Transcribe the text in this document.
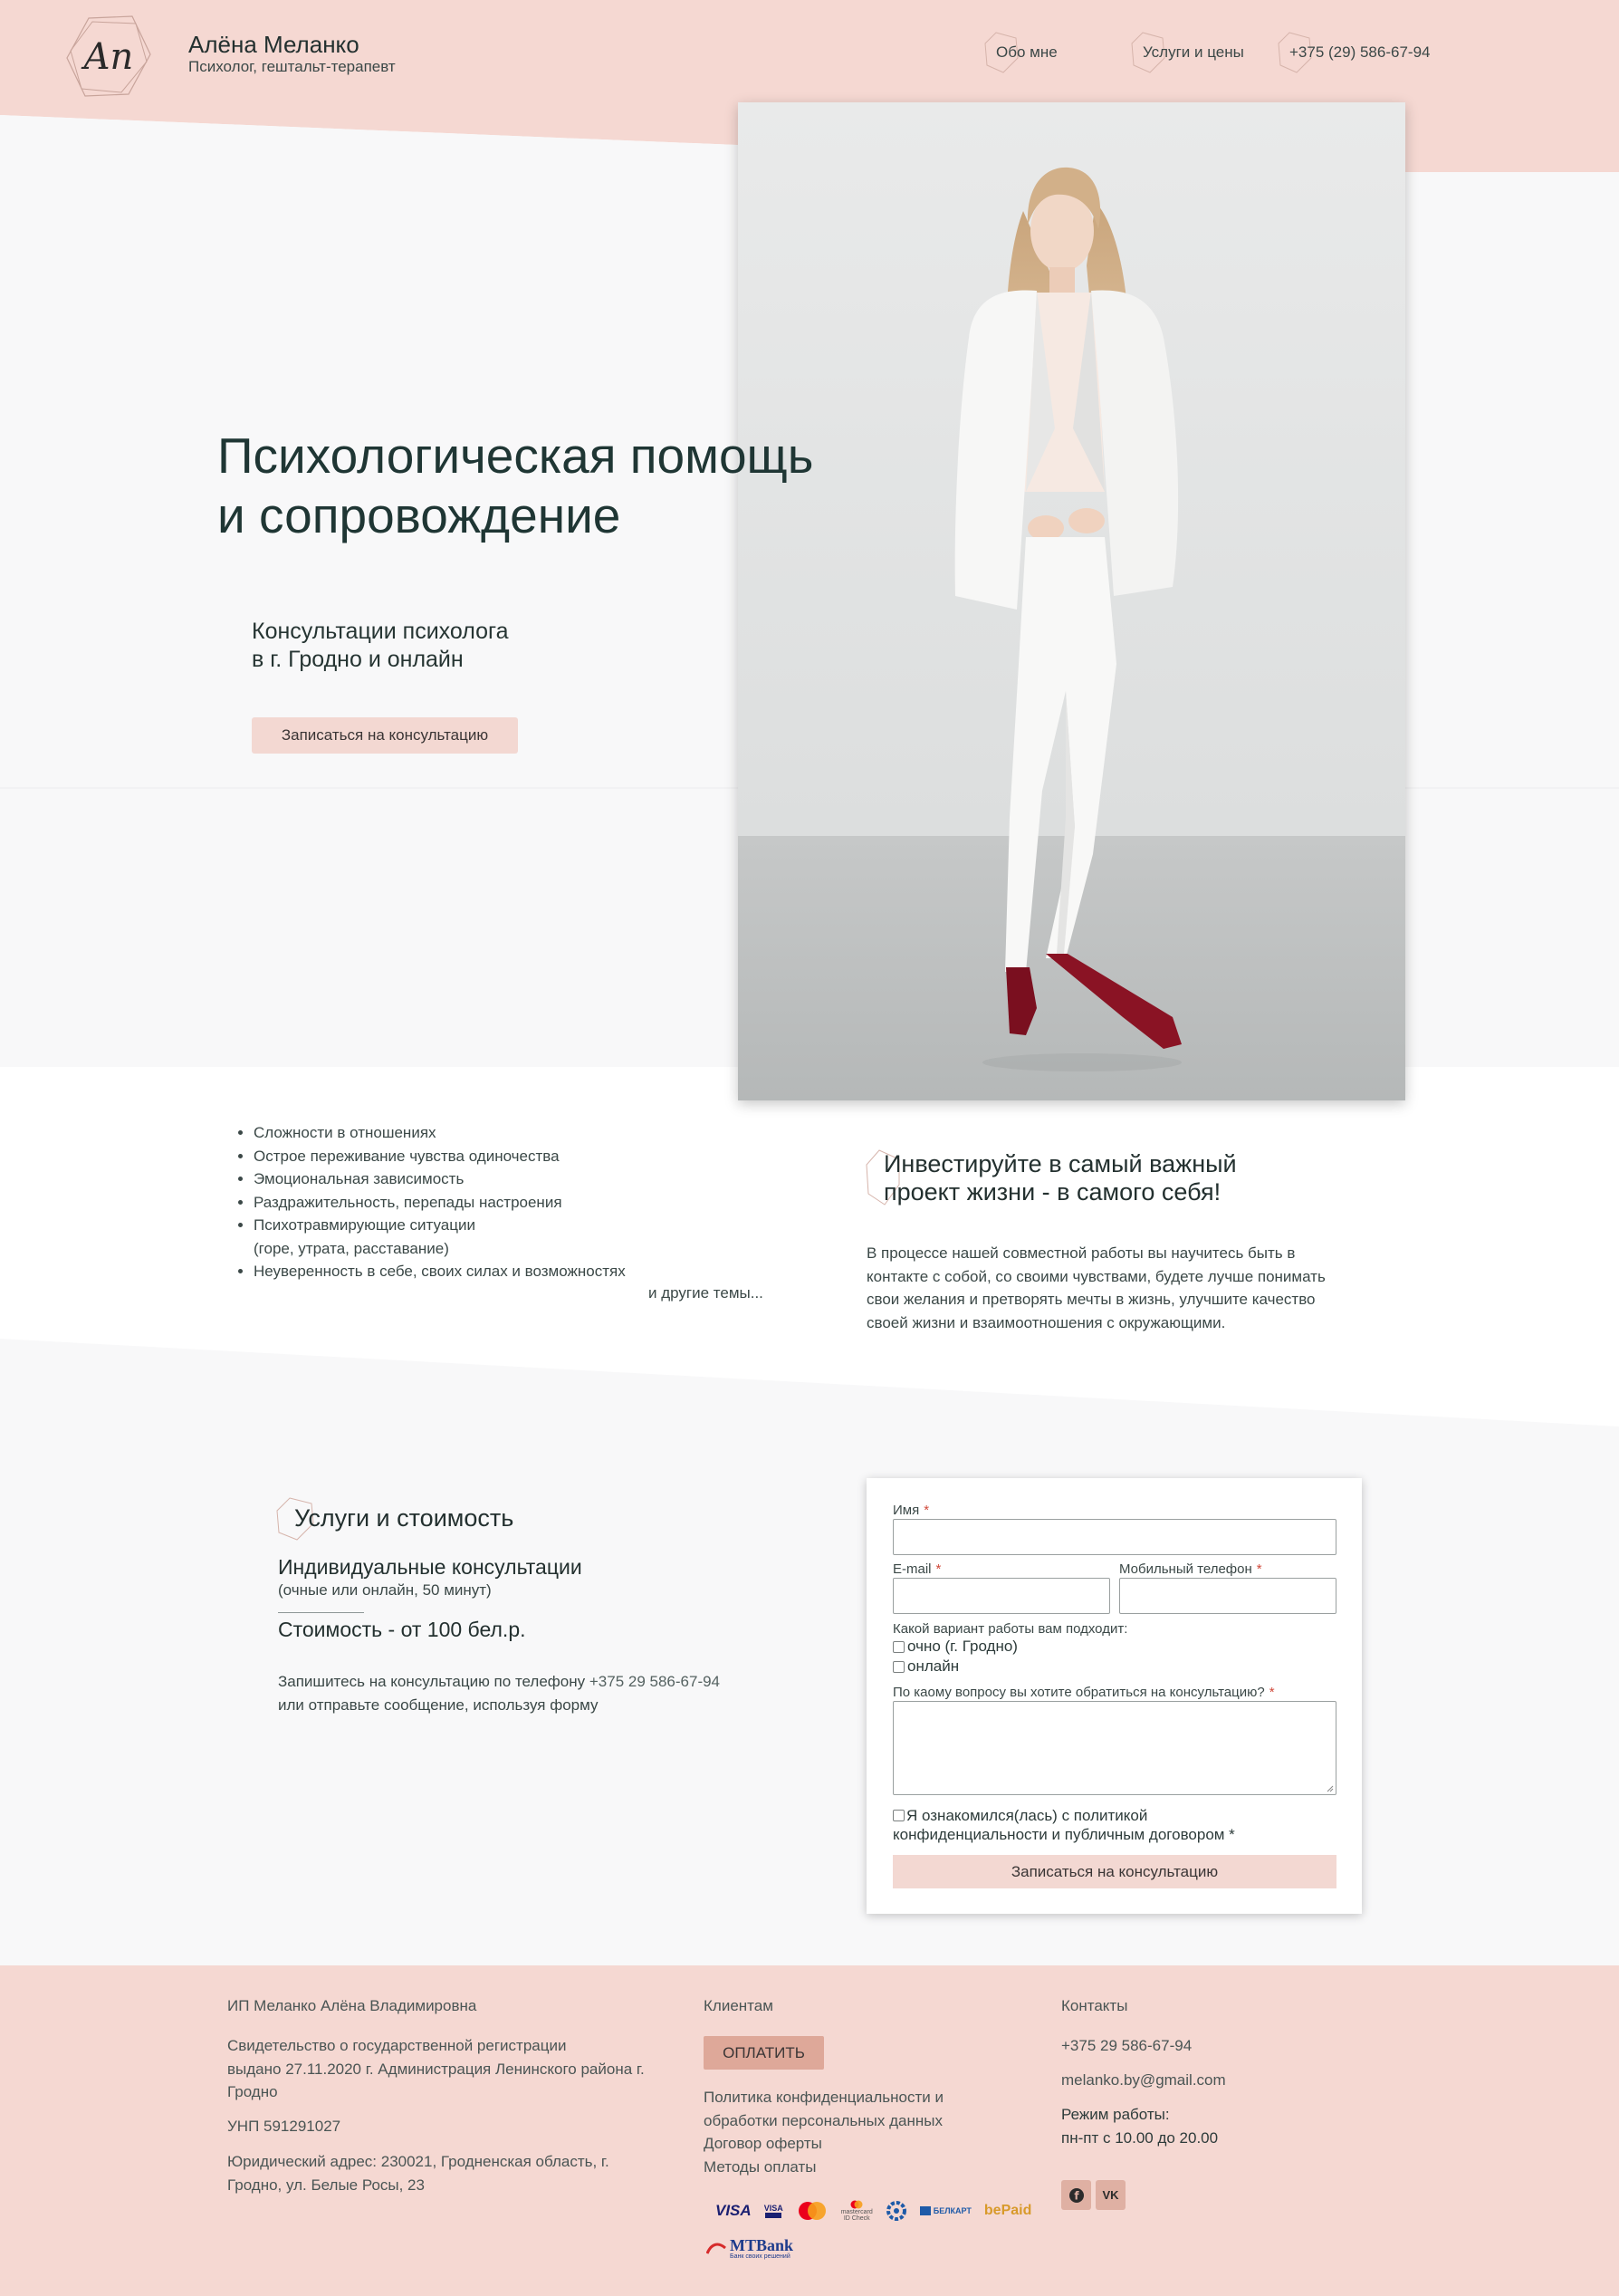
An Алёна Меланко
Психолог, гештальт-терапевт
Обо мне	Услуги и цены	+375 (29) 586-67-94
Психологическая помощь
и сопровождение
Консультации психолога
в г. Гродно и онлайн
Записаться на консультацию
• Сложности в отношениях
• Острое переживание чувства одиночества
• Эмоциональная зависимость
• Раздражительность, перепады настроения
• Психотравмирующие ситуации
(горе, утрата, расставание)
• Неуверенность в себе, своих силах и возможностях
и другие темы...
Инвестируйте в самый важный
проект жизни - в самого себя!
В процессе нашей совместной работы вы научитесь быть в контакте с собой, со своими чувствами, будете лучше понимать свои желания и претворять мечты в жизнь, улучшите качество своей жизни и взаимоотношения с окружающими.
Услуги и стоимость
Индивидуальные консультации
(очные или онлайн, 50 минут)
Стоимость - от 100 бел.р.
Запишитесь на консультацию по телефону +375 29 586-67-94
или отправьте сообщение, используя форму
Имя *
E-mail *	Мобильный телефон *
Какой вариант работы вам подходит:
очно (г. Гродно)
онлайн
По каому вопросу вы хотите обратиться на консультацию? *
Я ознакомился(лась) с политикой
конфиденциальности и публичным договором *
Записаться на консультацию
ИП Меланко Алёна Владимировна
Свидетельство о государственной регистрации
выдано 27.11.2020 г. Администрация Ленинского района г.
Гродно
УНП 591291027
Юридический адрес: 230021, Гродненская область, г.
Гродно, ул. Белые Росы, 23
Клиентам
ОПЛАТИТЬ
Политика конфиденциальности и
обработки персональных данных
Договор оферты
Методы оплаты
VISA VISA	mastercard
ID Check
БЕЛКАРТ bePaid
MTBank
Банк своих решений
Контакты
+375 29 586-67-94
melanko.by@gmail.com
Режим работы:
пн-пт с 10.00 до 20.00
f VK
